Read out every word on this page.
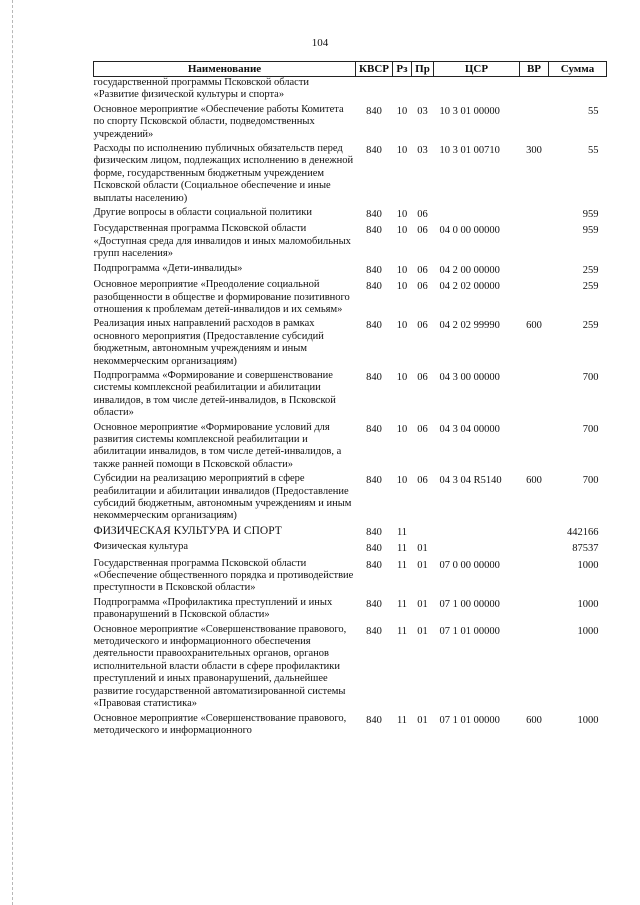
104
Наименование	КВСР	Рз	Пр	ЦСР	ВР	Сумма
государственной программы Псковской области «Развитие физической культуры и спорта»						
Основное мероприятие «Обеспечение работы Комитета по спорту Псковской области, подведомственных учреждений»	840	10	03	10 3 01 00000		55
Расходы по исполнению публичных обязательств перед физическим лицом, подлежащих исполнению в денежной форме, государственным бюджетным учреждением Псковской области (Социальное обеспечение и иные выплаты населению)	840	10	03	10 3 01 00710	300	55
Другие вопросы в области социальной политики	840	10	06			959
Государственная программа Псковской области «Доступная среда для инвалидов и иных маломобильных групп населения»	840	10	06	04 0 00 00000		959
Подпрограмма «Дети-инвалиды»	840	10	06	04 2 00 00000		259
Основное мероприятие «Преодоление социальной разобщенности в обществе и формирование позитивного отношения к проблемам детей-инвалидов и их семьям»	840	10	06	04 2 02 00000		259
Реализация иных направлений расходов в рамках основного мероприятия (Предоставление субсидий бюджетным, автономным учреждениям и иным некоммерческим организациям)	840	10	06	04 2 02 99990	600	259
Подпрограмма «Формирование и совершенствование системы комплексной реабилитации и абилитации инвалидов, в том числе детей-инвалидов, в Псковской области»	840	10	06	04 3 00 00000		700
Основное мероприятие «Формирование условий для развития системы комплексной реабилитации и абилитации инвалидов, в том числе детей-инвалидов, а также ранней помощи в Псковской области»	840	10	06	04 3 04 00000		700
Субсидии на реализацию мероприятий в сфере реабилитации и абилитации инвалидов (Предоставление субсидий бюджетным, автономным учреждениям и иным некоммерческим организациям)	840	10	06	04 3 04 R5140	600	700
ФИЗИЧЕСКАЯ КУЛЬТУРА И СПОРТ	840	11				442166
Физическая культура	840	11	01			87537
Государственная программа Псковской области «Обеспечение общественного порядка и противодействие преступности в Псковской области»	840	11	01	07 0 00 00000		1000
Подпрограмма «Профилактика преступлений и иных правонарушений в Псковской области»	840	11	01	07 1 00 00000		1000
Основное мероприятие «Совершенствование правового, методического и информационного обеспечения деятельности правоохранительных органов, органов исполнительной власти области в сфере профилактики преступлений и иных правонарушений, дальнейшее развитие государственной автоматизированной системы «Правовая статистика»	840	11	01	07 1 01 00000		1000
Основное мероприятие «Совершенствование правового, методического и информационного	840	11	01	07 1 01 00000	600	1000
